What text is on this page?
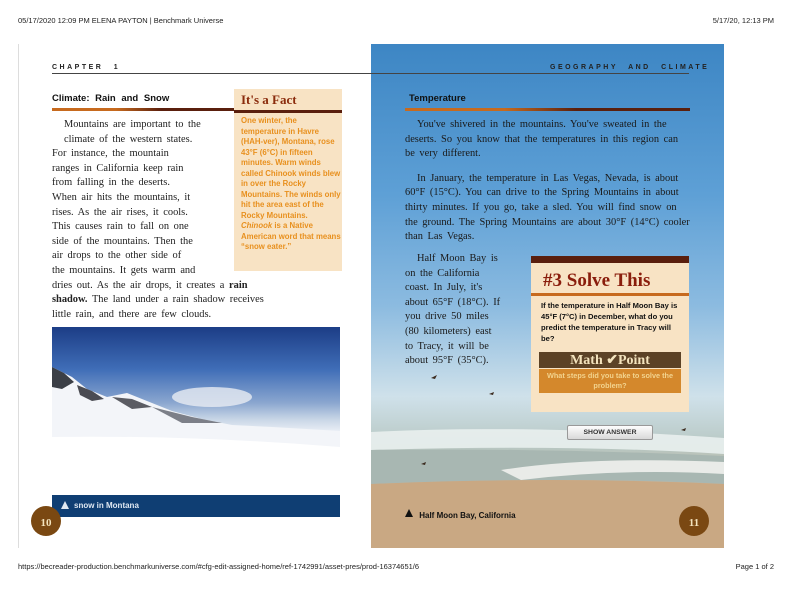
05/17/2020 12:09 PM ELENA PAYTON | Benchmark Universe	5/17/20, 12:13 PM
https://becreader-production.benchmarkuniverse.com/#cfg-edit-assigned-home/ref-1742991/asset-pres/prod-16374651/6	Page 1 of 2
CHAPTER 1
Climate: Rain and Snow
Mountains are important to the climate of the western states.
For instance, the mountain
ranges in California keep rain
from falling in the deserts.
When air hits the mountains, it
rises. As the air rises, it cools.
This causes rain to fall on one
side of the mountains. Then the
air drops to the other side of
the mountains. It gets warm and
dries out. As the air drops, it creates a rain
shadow. The land under a rain shadow receives
little rain, and there are few clouds.
It's a Fact
One winter, the temperature in Havre (HAH-ver), Montana, rose 43°F (6°C) in fifteen minutes. Warm winds called Chinook winds blew in over the Rocky Mountains. The winds only hit the area east of the Rocky Mountains. Chinook is a Native American word that means “snow eater.”
snow in Montana
10
GEOGRAPHY AND CLIMATE
Temperature

You've shivered in the mountains. You've sweated in the deserts. So you know that the temperatures in this region can be very different.

In January, the temperature in Las Vegas, Nevada, is about 60°F (15°C). You can drive to the Spring Mountains in about thirty minutes. If you go, take a sled. You will find snow on the ground. The Spring Mountains are about 30°F (14°C) cooler than Las Vegas.

Half Moon Bay is
on the California
coast. In July, it's
about 65°F (18°C). If
you drive 50 miles
(80 kilometers) east
to Tracy, it will be
about 95°F (35°C).
#3 Solve This
If the temperature in Half Moon Bay is 45°F (7°C) in December, what do you predict the temperature in Tracy will be?
Math ✔Point
What steps did you take to solve the problem?
SHOW ANSWER
Half Moon Bay, California
11
